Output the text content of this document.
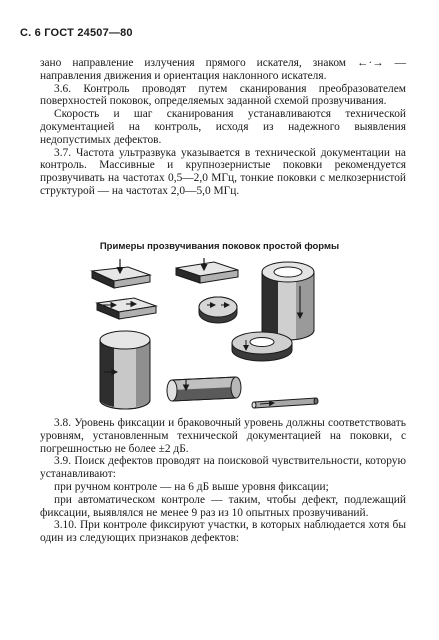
С. 6 ГОСТ 24507—80

зано направление излучения прямого искателя, знаком ←·→ — направления движения и ориентация наклонного искателя.

3.6. Контроль проводят путем сканирования преобразователем поверхностей поковок, определяемых заданной схемой прозвучивания.

Скорость и шаг сканирования устанавливаются технической документацией на контроль, исходя из надежного выявления недопустимых дефектов.

3.7. Частота ультразвука указывается в технической документации на контроль. Массивные и крупнозернистые поковки рекомендуется прозвучивать на частотах 0,5—2,0 МГц, тонкие поковки с мелкозернистой структурой — на частотах 2,0—5,0 МГц.

Примеры прозвучивания поковок простой формы

3.8. Уровень фиксации и браковочный уровень должны соответствовать уровням, установленным технической документацией на поковки, с погрешностью не более ±2 дБ.

3.9. Поиск дефектов проводят на поисковой чувствительности, которую устанавливают:

при ручном контроле — на 6 дБ выше уровня фиксации;

при автоматическом контроле — таким, чтобы дефект, подлежащий фиксации, выявлялся не менее 9 раз из 10 опытных прозвучиваний.

3.10. При контроле фиксируют участки, в которых наблюдается хотя бы один из следующих признаков дефектов:
